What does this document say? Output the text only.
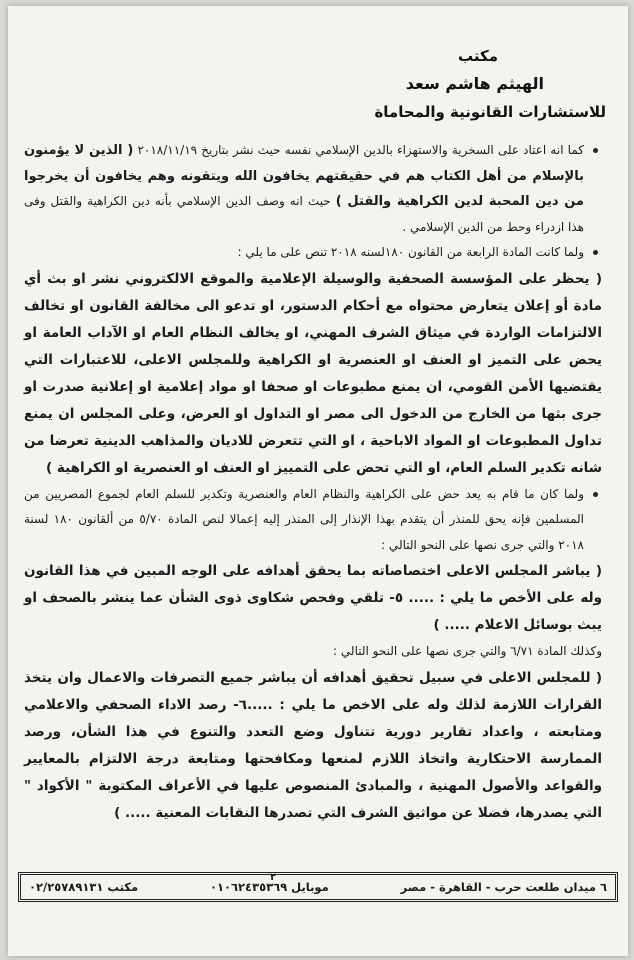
مكتب
الهيثم هاشم سعد
للاستشارات القانونية والمحاماة

كما انه اعتاد على السخرية والاستهزاء بالدين الإسلامي نفسه حيث نشر بتاريخ ٢٠١٨/١١/١٩ ( الذين لا يؤمنون بالإسلام من أهل الكتاب هم في حقيقتهم يخافون الله ويتقونه وهم يخافون أن يخرجوا من دين المحبة لدين الكراهية والقتل ) حيث انه وصف الدين الإسلامي بأنه دين الكراهية والقتل وفى هذا ازدراء وحط من الدين الإسلامي .

ولما كانت المادة الرابعة من القانون ١٨٠لسنه ٢٠١٨ تنص على ما يلي :

( يحظر على المؤسسة الصحفية والوسيلة الإعلامية والموقع الالكتروني نشر او بث أي مادة أو إعلان يتعارض محتواه مع أحكام الدستور، او تدعو الى مخالفة القانون او تخالف الالتزامات الواردة في ميثاق الشرف المهني، او يخالف النظام العام او الآداب العامة او يحض على التميز او العنف او العنصرية او الكراهية وللمجلس الاعلى، للاعتبارات التي يقتضيها الأمن القومي، ان يمنع مطبوعات او صحفا او مواد إعلامية او إعلانية صدرت او جرى بثها من الخارج من الدخول الى مصر او التداول او العرض، وعلى المجلس ان يمنع تداول المطبوعات او المواد الاباحية ، او التي تتعرض للاديان والمذاهب الدينية تعرضا من شانه تكدير السلم العام، او التي تحض على التمييز او العنف او العنصرية او الكراهية )

ولما كان ما قام به يعد حض على الكراهية والنظام العام والعنصرية وتكدير للسلم العام لجموع المصريين من المسلمين فإنه يحق للمنذر أن يتقدم بهذا الإنذار إلى المنذر إليه إعمالا لنص المادة ٥/٧٠ من ألقانون ١٨٠ لسنة ٢٠١٨ والتي جرى نصها على النحو التالي :

( يباشر المجلس الاعلى اختصاصاته بما يحقق أهدافه على الوجه المبين في هذا القانون وله على الأخص ما يلي : ..... ٥- تلقي وفحص شكاوى ذوى الشأن عما ينشر بالصحف او يبث بوسائل الاعلام ..... )

وكذلك المادة ٦/٧١ والتي جرى نصها على النحو التالي :

( للمجلس الاعلى في سبيل تحقيق أهدافه أن يباشر جميع التصرفات والاعمال وان يتخذ القرارات اللازمة لذلك وله على الاخص ما يلي : .....٦- رصد الاداء الصحفي والاعلامي ومتابعته ، واعداد تقارير دورية تتناول وضع التعدد والتنوع في هذا الشأن، ورصد الممارسة الاحتكارية واتخاذ اللازم لمنعها ومكافحتها ومتابعة درجة الالتزام بالمعايير والقواعد والأصول المهنية ، والمبادئ المنصوص عليها في الأعراف المكتوبة " الأكواد " التي يصدرها، فضلا عن مواثيق الشرف التي تصدرها النقابات المعنية ..... )

٢
٦ ميدان طلعت حرب - القاهرة - مصر
موبايل ٠١٠٦٢٤٣٥٣٦٩
مكتب ٠٢/٢٥٧٨٩١٣١
